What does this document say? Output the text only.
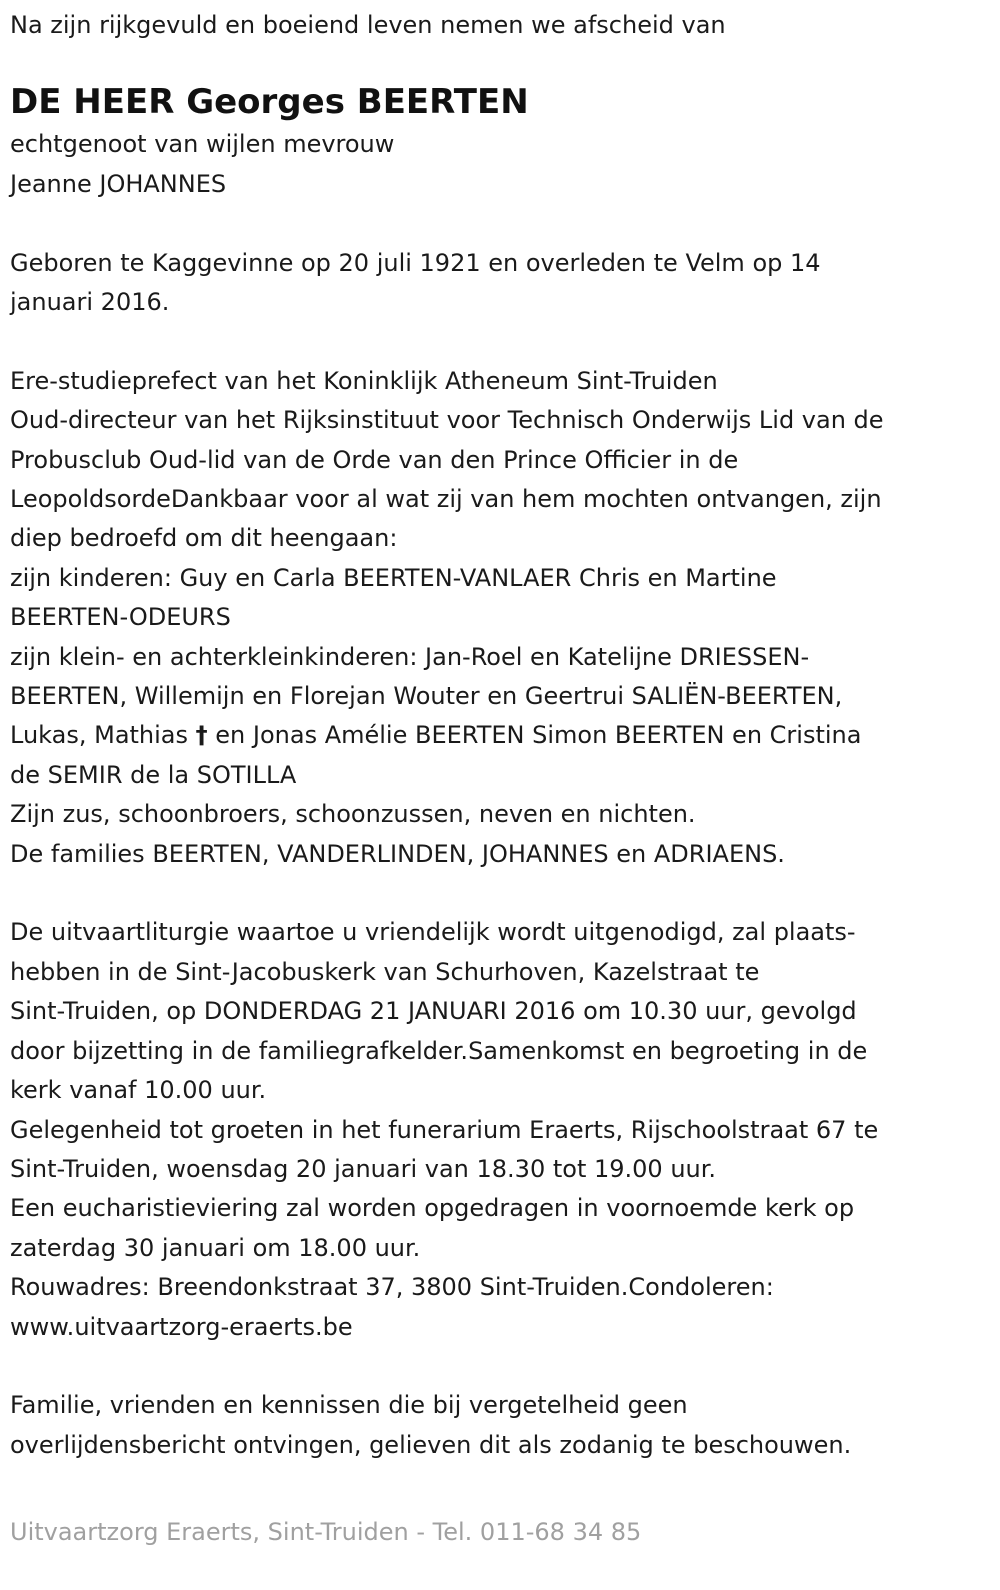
Na zijn rijkgevuld en boeiend leven nemen we afscheid van
DE HEER Georges BEERTEN
echtgenoot van wijlen mevrouw
Jeanne JOHANNES
Geboren te Kaggevinne op 20 juli 1921 en overleden te Velm op 14
januari 2016.
Ere-studieprefect van het Koninklijk Atheneum Sint-Truiden
Oud-directeur van het Rijksinstituut voor Technisch Onderwijs Lid van de
Probusclub Oud-lid van de Orde van den Prince Officier in de
LeopoldsordeDankbaar voor al wat zij van hem mochten ontvangen, zijn
diep bedroefd om dit heengaan:
zijn kinderen: Guy en Carla BEERTEN-VANLAER Chris en Martine
BEERTEN-ODEURS
zijn klein- en achterkleinkinderen: Jan-Roel en Katelijne DRIESSEN-
BEERTEN, Willemijn en Florejan Wouter en Geertrui SALIËN-BEERTEN,
Lukas, Mathias † en Jonas Amélie BEERTEN Simon BEERTEN en Cristina
de SEMIR de la SOTILLA
Zijn zus, schoonbroers, schoonzussen, neven en nichten.
De families BEERTEN, VANDERLINDEN, JOHANNES en ADRIAENS.
De uitvaartliturgie waartoe u vriendelijk wordt uitgenodigd, zal plaats-
hebben in de Sint-Jacobuskerk van Schurhoven, Kazelstraat te
Sint-Truiden, op DONDERDAG 21 JANUARI 2016 om 10.30 uur, gevolgd
door bijzetting in de familiegrafkelder.Samenkomst en begroeting in de
kerk vanaf 10.00 uur.
Gelegenheid tot groeten in het funerarium Eraerts, Rijschoolstraat 67 te
Sint-Truiden, woensdag 20 januari van 18.30 tot 19.00 uur.
Een eucharistieviering zal worden opgedragen in voornoemde kerk op
zaterdag 30 januari om 18.00 uur.
Rouwadres: Breendonkstraat 37, 3800 Sint-Truiden.Condoleren:
www.uitvaartzorg-eraerts.be
Familie, vrienden en kennissen die bij vergetelheid geen
overlijdensbericht ontvingen, gelieven dit als zodanig te beschouwen.
Uitvaartzorg Eraerts, Sint-Truiden - Tel. 011-68 34 85
